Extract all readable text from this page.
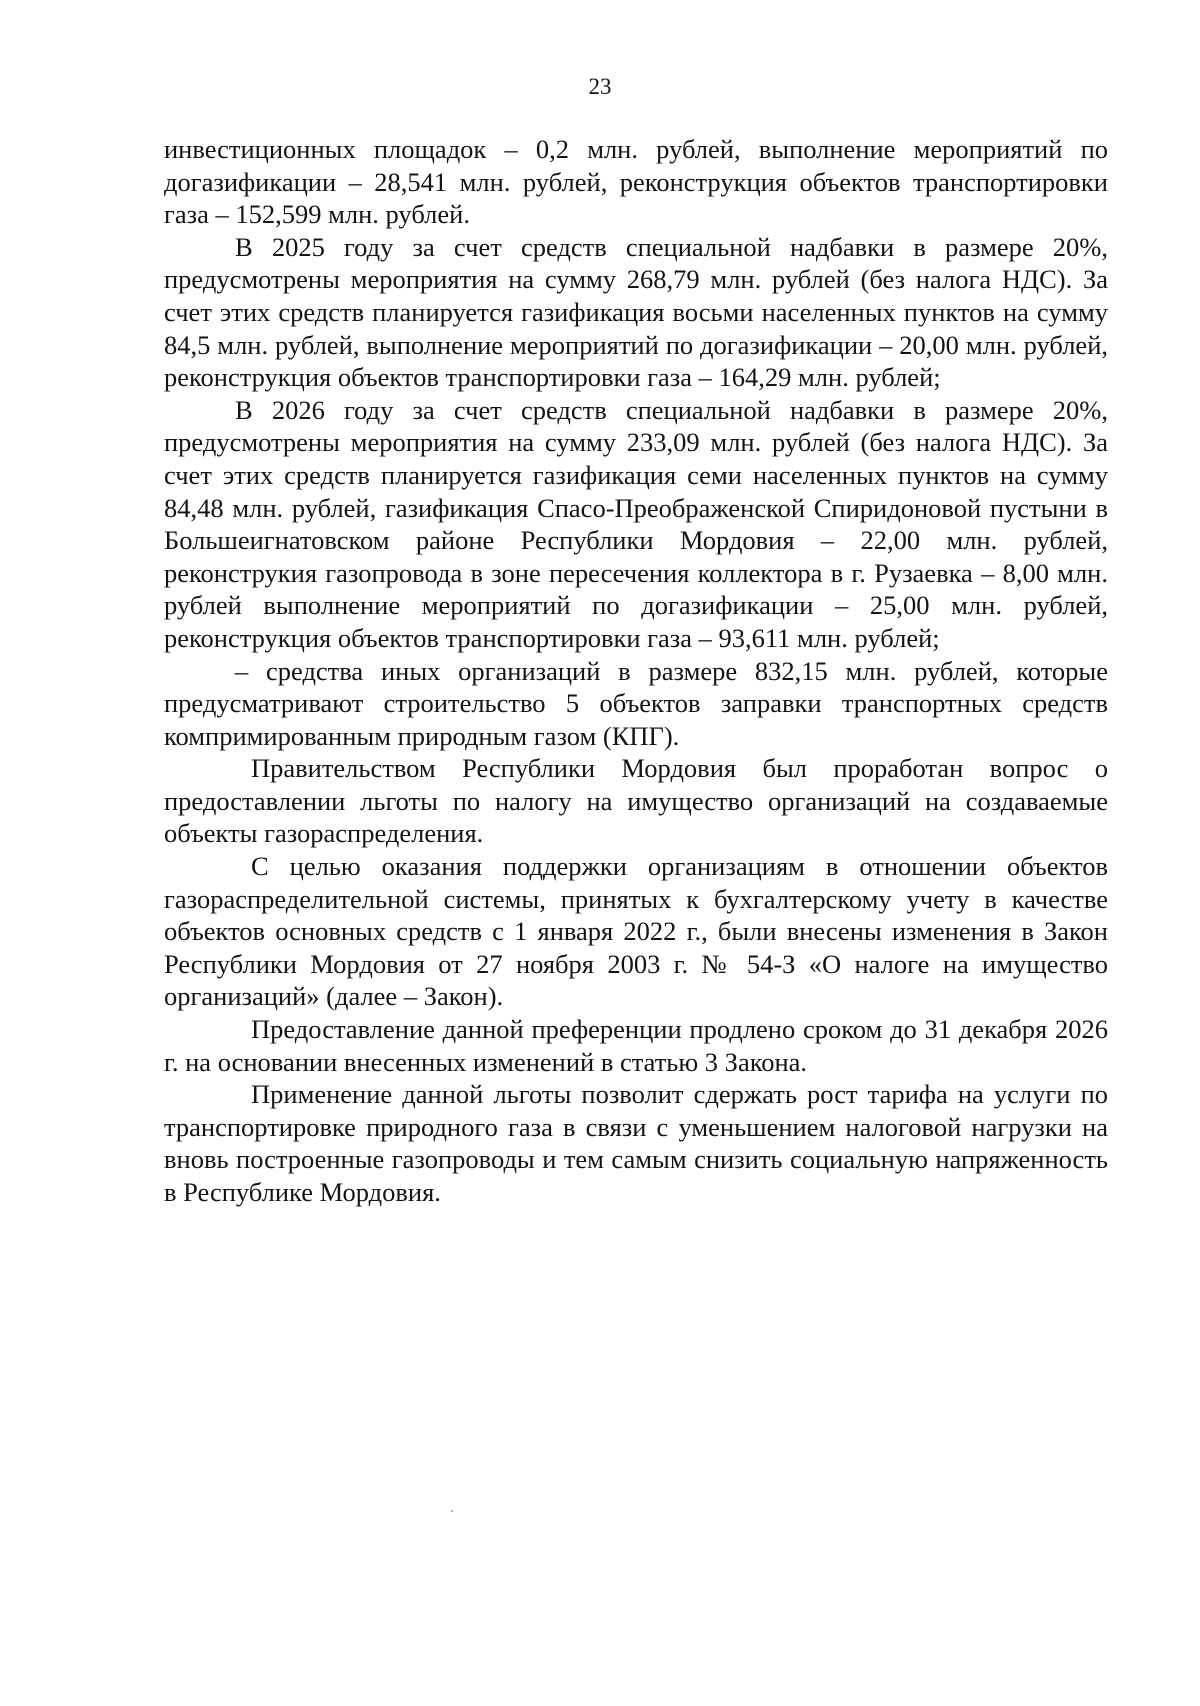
23

инвестиционных площадок – 0,2 млн. рублей, выполнение мероприятий по догазификации – 28,541 млн. рублей, реконструкция объектов транспортировки газа – 152,599 млн. рублей.

В 2025 году за счет средств специальной надбавки в размере 20%, предусмотрены мероприятия на сумму 268,79 млн. рублей (без налога НДС). За счет этих средств планируется газификация восьми населенных пунктов на сумму 84,5 млн. рублей, выполнение мероприятий по догазификации – 20,00 млн. рублей, реконструкция объектов транспортировки газа – 164,29 млн. рублей;

В 2026 году за счет средств специальной надбавки в размере 20%, предусмотрены мероприятия на сумму 233,09 млн. рублей (без налога НДС). За счет этих средств планируется газификация семи населенных пунктов на сумму 84,48 млн. рублей, газификация Спасо-Преображенской Спиридоновой пустыни в Большеигнатовском районе Республики Мордовия – 22,00 млн. рублей, реконструкия газопровода в зоне пересечения коллектора в г. Рузаевка – 8,00 млн. рублей выполнение мероприятий по догазификации – 25,00 млн. рублей, реконструкция объектов транспортировки газа – 93,611 млн. рублей;

– средства иных организаций в размере 832,15 млн. рублей, которые предусматривают строительство 5 объектов заправки транспортных средств компримированным природным газом (КПГ).

Правительством Республики Мордовия был проработан вопрос о предоставлении льготы по налогу на имущество организаций на создаваемые объекты газораспределения.

С целью оказания поддержки организациям в отношении объектов газораспределительной системы, принятых к бухгалтерскому учету в качестве объектов основных средств с 1 января 2022 г., были внесены изменения в Закон Республики Мордовия от 27 ноября 2003 г. № 54-З «О налоге на имущество организаций» (далее – Закон).

Предоставление данной преференции продлено сроком до 31 декабря 2026 г. на основании внесенных изменений в статью 3 Закона.

Применение данной льготы позволит сдержать рост тарифа на услуги по транспортировке природного газа в связи с уменьшением налоговой нагрузки на вновь построенные газопроводы и тем самым снизить социальную напряженность в Республике Мордовия.
